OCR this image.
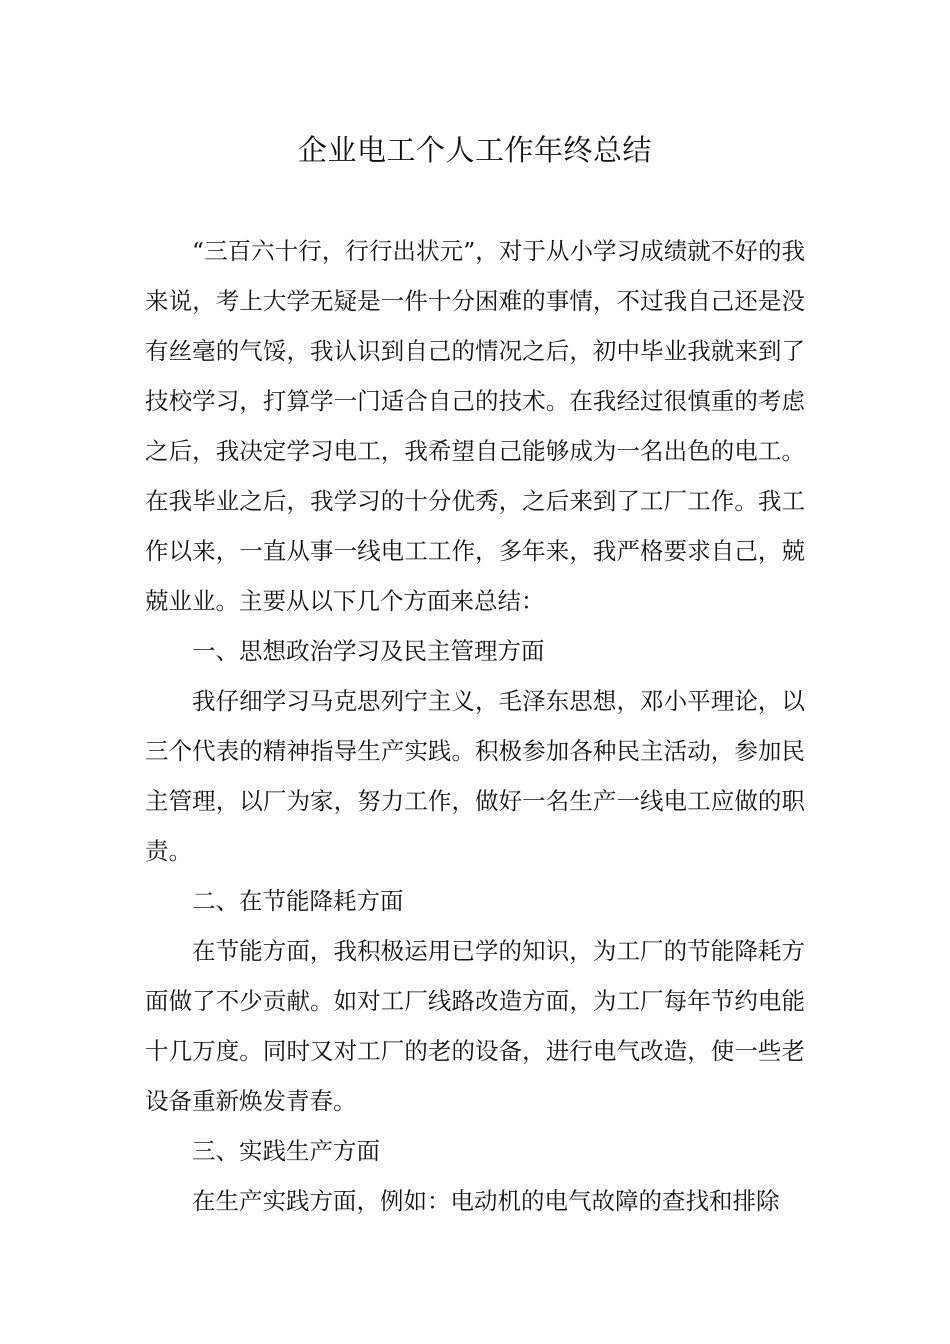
企业电工个人工作年终总结

“三百六十行，行行出状元”，对于从小学习成绩就不好的我来说，考上大学无疑是一件十分困难的事情，不过我自己还是没有丝毫的气馁，我认识到自己的情况之后，初中毕业我就来到了技校学习，打算学一门适合自己的技术。在我经过很慎重的考虑之后，我决定学习电工，我希望自己能够成为一名出色的电工。在我毕业之后，我学习的十分优秀，之后来到了工厂工作。我工作以来，一直从事一线电工工作，多年来，我严格要求自己，兢兢业业。主要从以下几个方面来总结：

一、思想政治学习及民主管理方面

我仔细学习马克思列宁主义，毛泽东思想，邓小平理论，以三个代表的精神指导生产实践。积极参加各种民主活动，参加民主管理，以厂为家，努力工作，做好一名生产一线电工应做的职责。

二、在节能降耗方面

在节能方面，我积极运用已学的知识，为工厂的节能降耗方面做了不少贡献。如对工厂线路改造方面，为工厂每年节约电能十几万度。同时又对工厂的老的设备，进行电气改造，使一些老设备重新焕发青春。

三、实践生产方面

在生产实践方面，例如：电动机的电气故障的查找和排除
